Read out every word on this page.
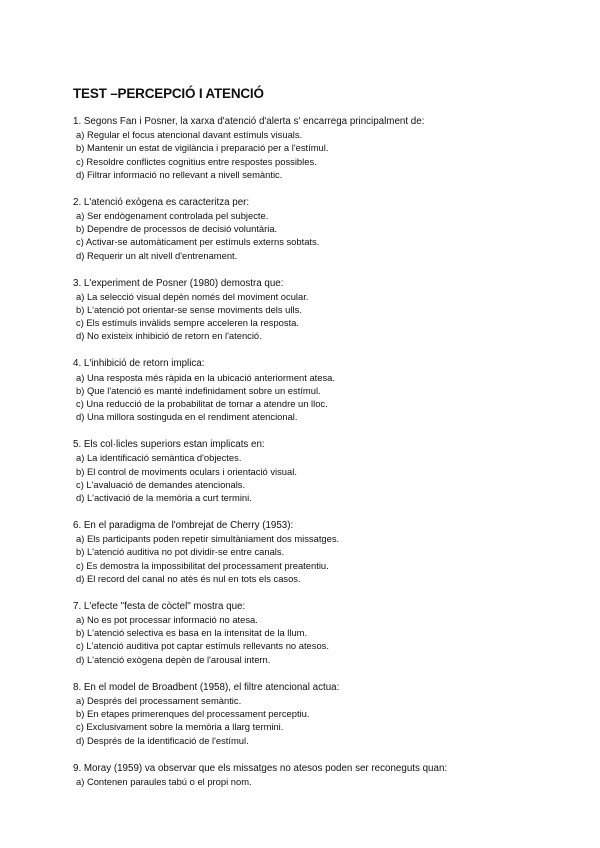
TEST –PERCEPCIÓ I ATENCIÓ
1. Segons Fan i Posner, la xarxa d'atenció d'alerta s' encarrega principalment de:
a) Regular el focus atencional davant estímuls visuals.
b) Mantenir un estat de vigilància i preparació per a l'estímul.
c) Resoldre conflictes cognitius entre respostes possibles.
d) Filtrar informació no rellevant a nivell semàntic.
2. L'atenció exògena es caracteritza per:
a) Ser endògenament controlada pel subjecte.
b) Dependre de processos de decisió voluntària.
c) Activar-se automàticament per estímuls externs sobtats.
d) Requerir un alt nivell d'entrenament.
3. L'experiment de Posner (1980) demostra que:
a) La selecció visual depèn només del moviment ocular.
b) L'atenció pot orientar-se sense moviments dels ulls.
c) Els estímuls invàlids sempre acceleren la resposta.
d) No existeix inhibició de retorn en l'atenció.
4. L'inhibició de retorn implica:
a) Una resposta més ràpida en la ubicació anteriorment atesa.
b) Que l'atenció es manté indefinidament sobre un estímul.
c) Una reducció de la probabilitat de tornar a atendre un lloc.
d) Una millora sostinguda en el rendiment atencional.
5. Els col·licles superiors estan implicats en:
a) La identificació semàntica d'objectes.
b) El control de moviments oculars i orientació visual.
c) L'avaluació de demandes atencionals.
d) L'activació de la memòria a curt termini.
6. En el paradigma de l'ombrejat de Cherry (1953):
a) Els participants poden repetir simultàniament dos missatges.
b) L'atenció auditiva no pot dividir-se entre canals.
c) Es demostra la impossibilitat del processament preatentiu.
d) El record del canal no atès és nul en tots els casos.
7. L'efecte "festa de còctel" mostra que:
a) No es pot processar informació no atesa.
b) L'atenció selectiva es basa en la intensitat de la llum.
c) L'atenció auditiva pot captar estímuls rellevants no atesos.
d) L'atenció exògena depèn de l'arousal intern.
8. En el model de Broadbent (1958), el filtre atencional actua:
a) Després del processament semàntic.
b) En etapes primerenques del processament perceptiu.
c) Exclusivament sobre la memòria a llarg termini.
d) Després de la identificació de l'estímul.
9. Moray (1959) va observar que els missatges no atesos poden ser reconeguts quan:
a) Contenen paraules tabú o el propi nom.
